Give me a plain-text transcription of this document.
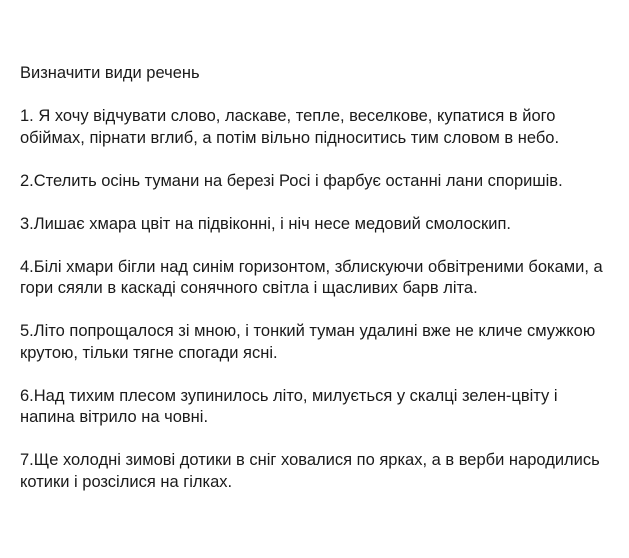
Визначити види речень
1. Я хочу відчувати слово, ласкаве, тепле, веселкове, купатися в його обіймах, пірнати вглиб, а потім вільно підноситись тим словом в небо.
2.Стелить осінь тумани на березі Росі і фарбує останні лани споришів.
3.Лишає хмара цвіт на підвіконні, і ніч несе медовий смолоскип.
4.Білі хмари бігли над синім горизонтом, зблискуючи обвітреними боками, а гори сяяли в каскаді сонячного світла і щасливих барв літа.
5.Літо попрощалося зі мною, і тонкий туман удалині вже не кличе смужкою крутою, тільки тягне спогади ясні.
6.Над тихим плесом зупинилось літо, милується у скалці зелен-цвіту і напина вітрило на човні.
7.Ще холодні зимові дотики в сніг ховалися по ярках, а в верби народились котики і розсілися на гілках.
